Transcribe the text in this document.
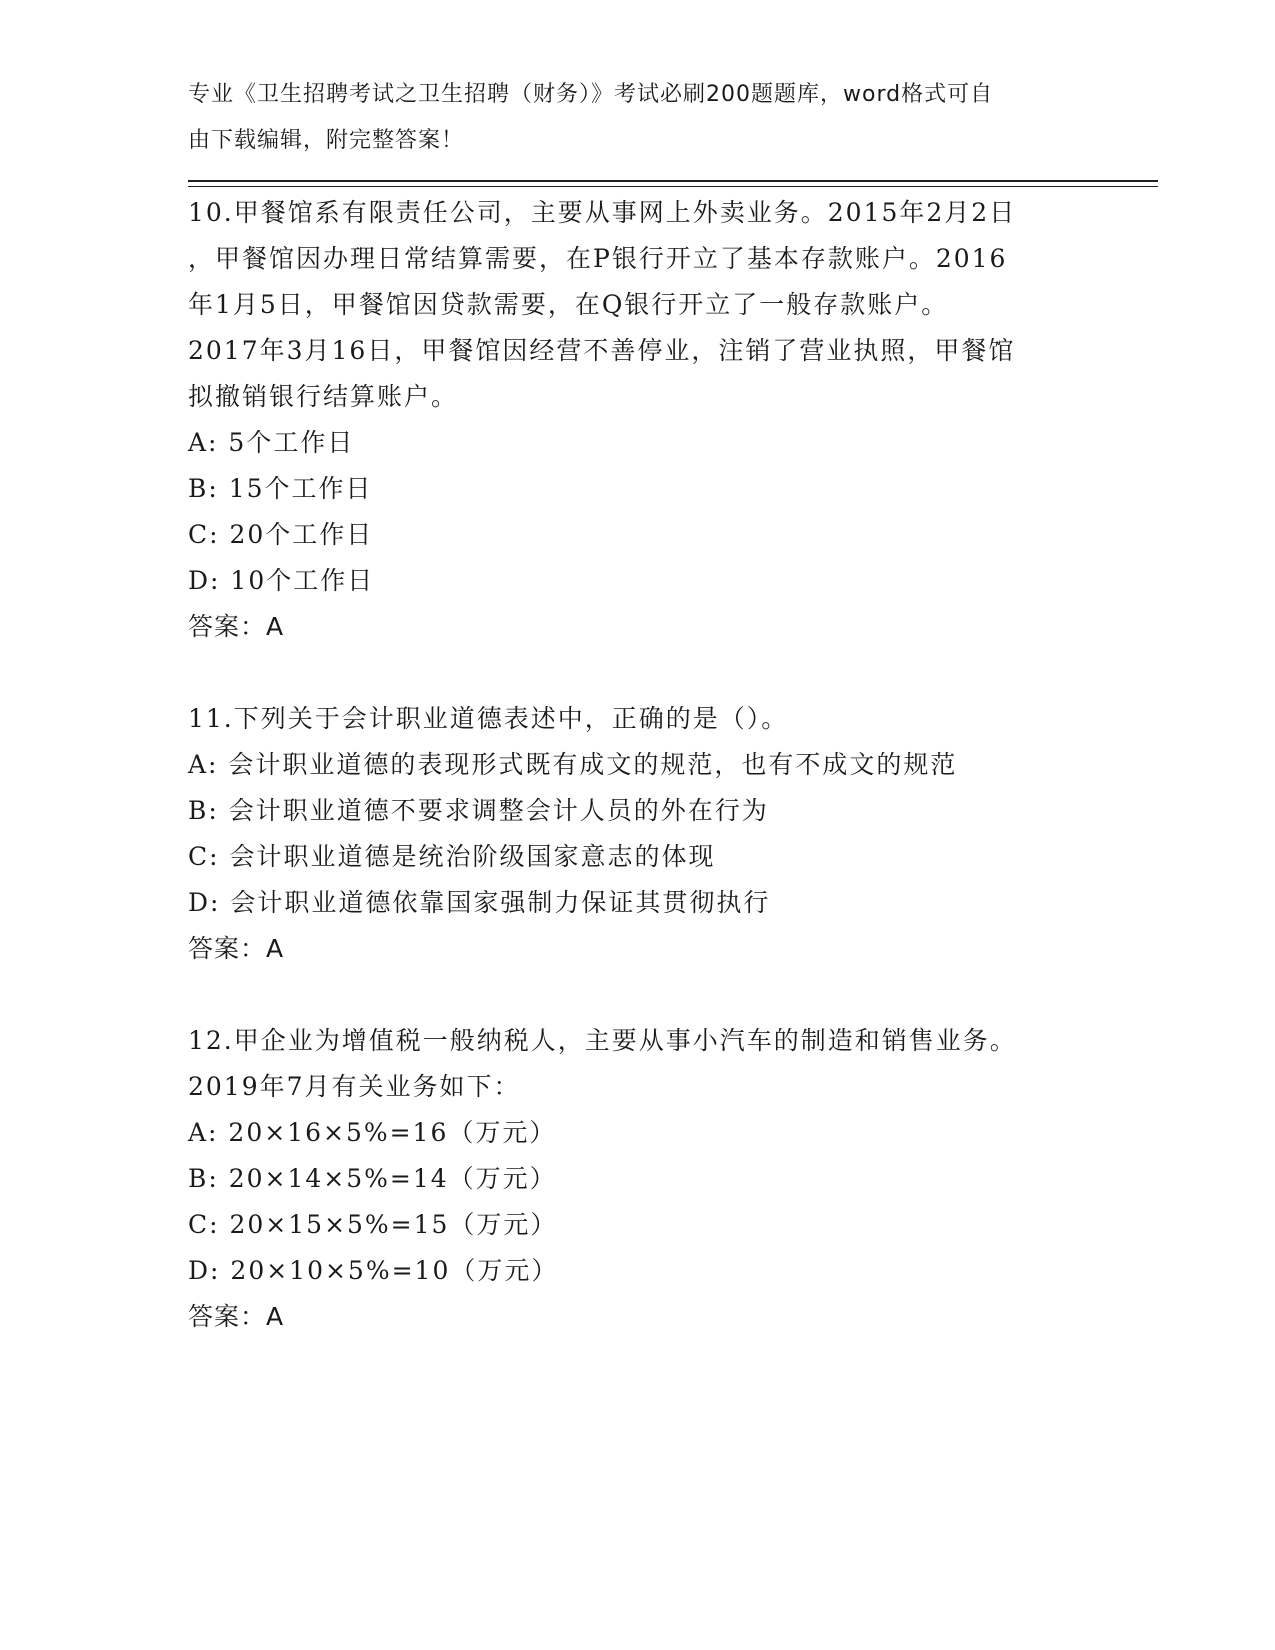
专业《卫生招聘考试之卫生招聘（财务）》考试必刷200题题库，word格式可自
由下载编辑，附完整答案！
10.甲餐馆系有限责任公司，主要从事网上外卖业务。2015年2月2日
，甲餐馆因办理日常结算需要，在P银行开立了基本存款账户。2016
年1月5日，甲餐馆因贷款需要，在Q银行开立了一般存款账户。
2017年3月16日，甲餐馆因经营不善停业，注销了营业执照，甲餐馆
拟撤销银行结算账户。
A: 5个工作日
B: 15个工作日
C: 20个工作日
D: 10个工作日
答案：A
11.下列关于会计职业道德表述中，正确的是（）。
A: 会计职业道德的表现形式既有成文的规范，也有不成文的规范
B: 会计职业道德不要求调整会计人员的外在行为
C: 会计职业道德是统治阶级国家意志的体现
D: 会计职业道德依靠国家强制力保证其贯彻执行
答案：A
12.甲企业为增值税一般纳税人，主要从事小汽车的制造和销售业务。
2019年7月有关业务如下：
A: 20×16×5%=16（万元）
B: 20×14×5%=14（万元）
C: 20×15×5%=15（万元）
D: 20×10×5%=10（万元）
答案：A
